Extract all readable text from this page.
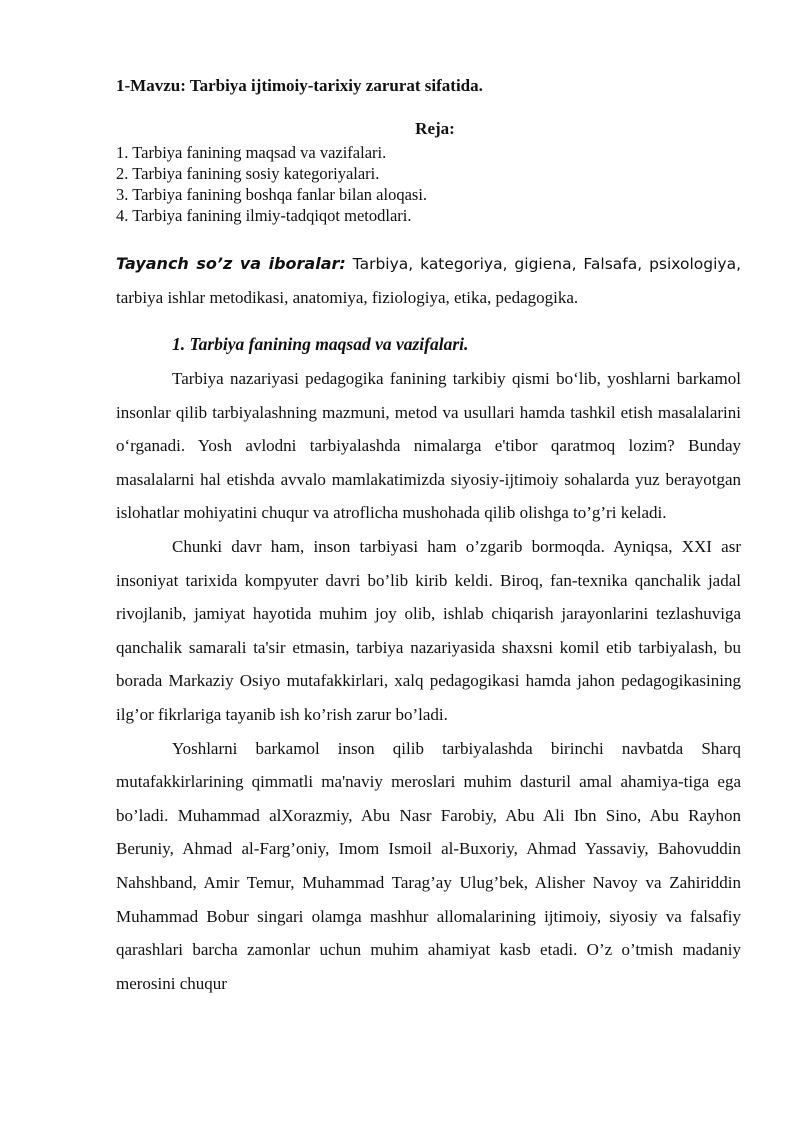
1-Mavzu: Tarbiya ijtimoiy-tarixiy zarurat sifatida.
Reja:
1. Tarbiya fanining maqsad va vazifalari.
2. Tarbiya fanining sosiy kategoriyalari.
3. Tarbiya fanining boshqa fanlar bilan aloqasi.
4. Tarbiya fanining ilmiy-tadqiqot metodlari.
Tayanch so’z va iboralar: Tarbiya, kategoriya, gigiena, Falsafa, psixologiya, tarbiya ishlar metodikasi, anatomiya, fiziologiya, etika, pedagogika.
1. Tarbiya fanining maqsad va vazifalari.

Tarbiya nazariyasi pedagogika fanining tarkibiy qismi bo‘lib, yoshlarni barkamol insonlar qilib tarbiyalashning mazmuni, metod va usullari hamda tashkil etish masalalarini o‘rganadi. Yosh avlodni tarbiyalashda nimalarga e'tibor qaratmoq lozim? Bunday masalalarni hal etishda avvalo mamlakatimizda siyosiy-ijtimoiy sohalarda yuz berayotgan islohatlar mohiyatini chuqur va atroflicha mushohada qilib olishga to’g’ri keladi.

Chunki davr ham, inson tarbiyasi ham o’zgarib bormoqda. Ayniqsa, XXI asr insoniyat tarixida kompyuter davri bo’lib kirib keldi. Biroq, fan-texnika qanchalik jadal rivojlanib, jamiyat hayotida muhim joy olib, ishlab chiqarish jarayonlarini tezlashuviga qanchalik samarali ta'sir etmasin, tarbiya nazariyasida shaxsni komil etib tarbiyalash, bu borada Markaziy Osiyo mutafakkirlari, xalq pedagogikasi hamda jahon pedagogikasining ilg’or fikrlariga tayanib ish ko’rish zarur bo’ladi.

Yoshlarni barkamol inson qilib tarbiyalashda birinchi navbatda Sharq mutafakkirlarining qimmatli ma'naviy meroslari muhim dasturil amal ahamiya-tiga ega bo’ladi. Muhammad alXorazmiy, Abu Nasr Farobiy, Abu Ali Ibn Sino, Abu Rayhon Beruniy, Ahmad al-Farg’oniy, Imom Ismoil al-Buxoriy, Ahmad Yassaviy, Bahovuddin Nahshband, Amir Temur, Muhammad Tarag’ay Ulug’bek, Alisher Navoy va Zahiriddin Muhammad Bobur singari olamga mashhur allomalarining ijtimoiy, siyosiy va falsafiy qarashlari barcha zamonlar uchun muhim ahamiyat kasb etadi. O’z o’tmish madaniy merosini chuqur
